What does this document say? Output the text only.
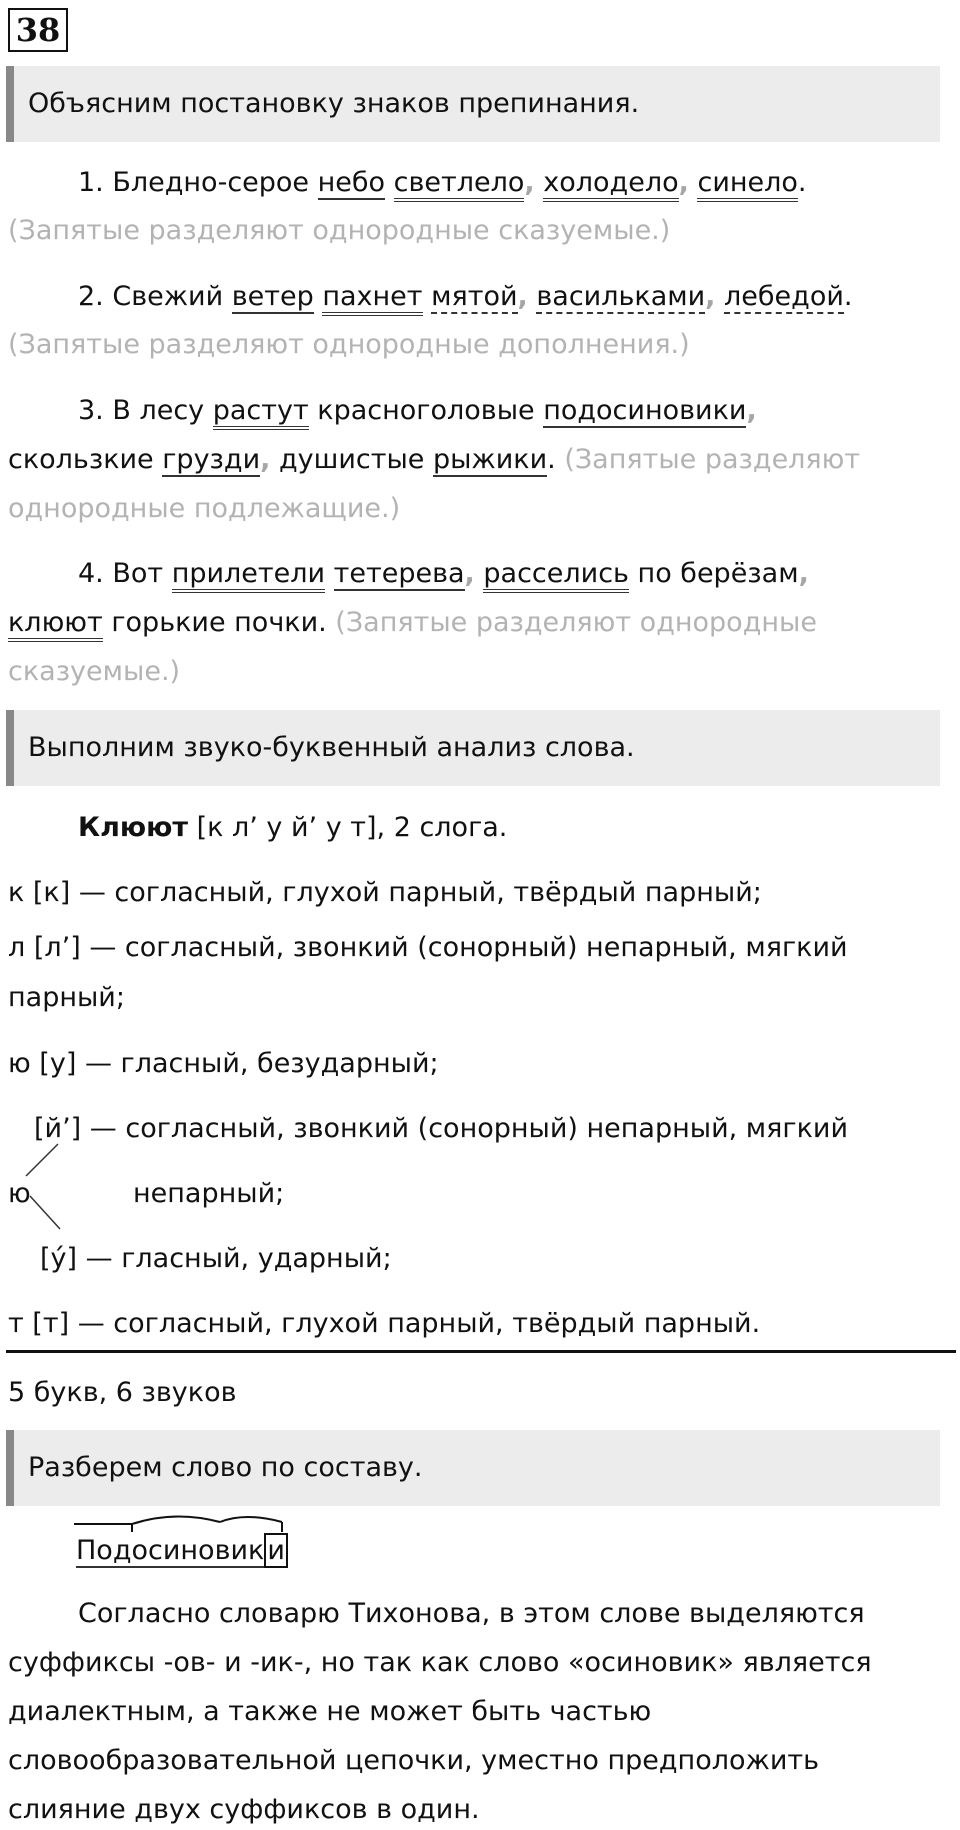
38
Объясним постановку знаков препинания.
1. Бледно-серое небо светлело, холодело, синело.
(Запятые разделяют однородные сказуемые.)
2. Свежий ветер пахнет мятой, васильками, лебедой.
(Запятые разделяют однородные дополнения.)
3. В лесу растут красноголовые подосиновики,
скользкие грузди, душистые рыжики. (Запятые разделяют
однородные подлежащие.)
4. Вот прилетели тетерева, расселись по берёзам,
клюют горькие почки. (Запятые разделяют однородные
сказуемые.)
Выполним звуко-буквенный анализ слова.
Клюют [к л’ у й’ у т], 2 слога.
к [к] — согласный, глухой парный, твёрдый парный;
л [л’] — согласный, звонкий (сонорный) непарный, мягкий
парный;
ю [у] — гласный, безударный;
[й’] — согласный, звонкий (сонорный) непарный, мягкий
ю	непарный;
[у́] — гласный, ударный;
т [т] — согласный, глухой парный, твёрдый парный.
5 букв, 6 звуков
Разберем слово по составу.
Подосиновик и
Согласно словарю Тихонова, в этом слове выделяются
суффиксы -ов- и -ик-, но так как слово «осиновик» является
диалектным, а также не может быть частью
словообразовательной цепочки, уместно предположить
слияние двух суффиксов в один.
